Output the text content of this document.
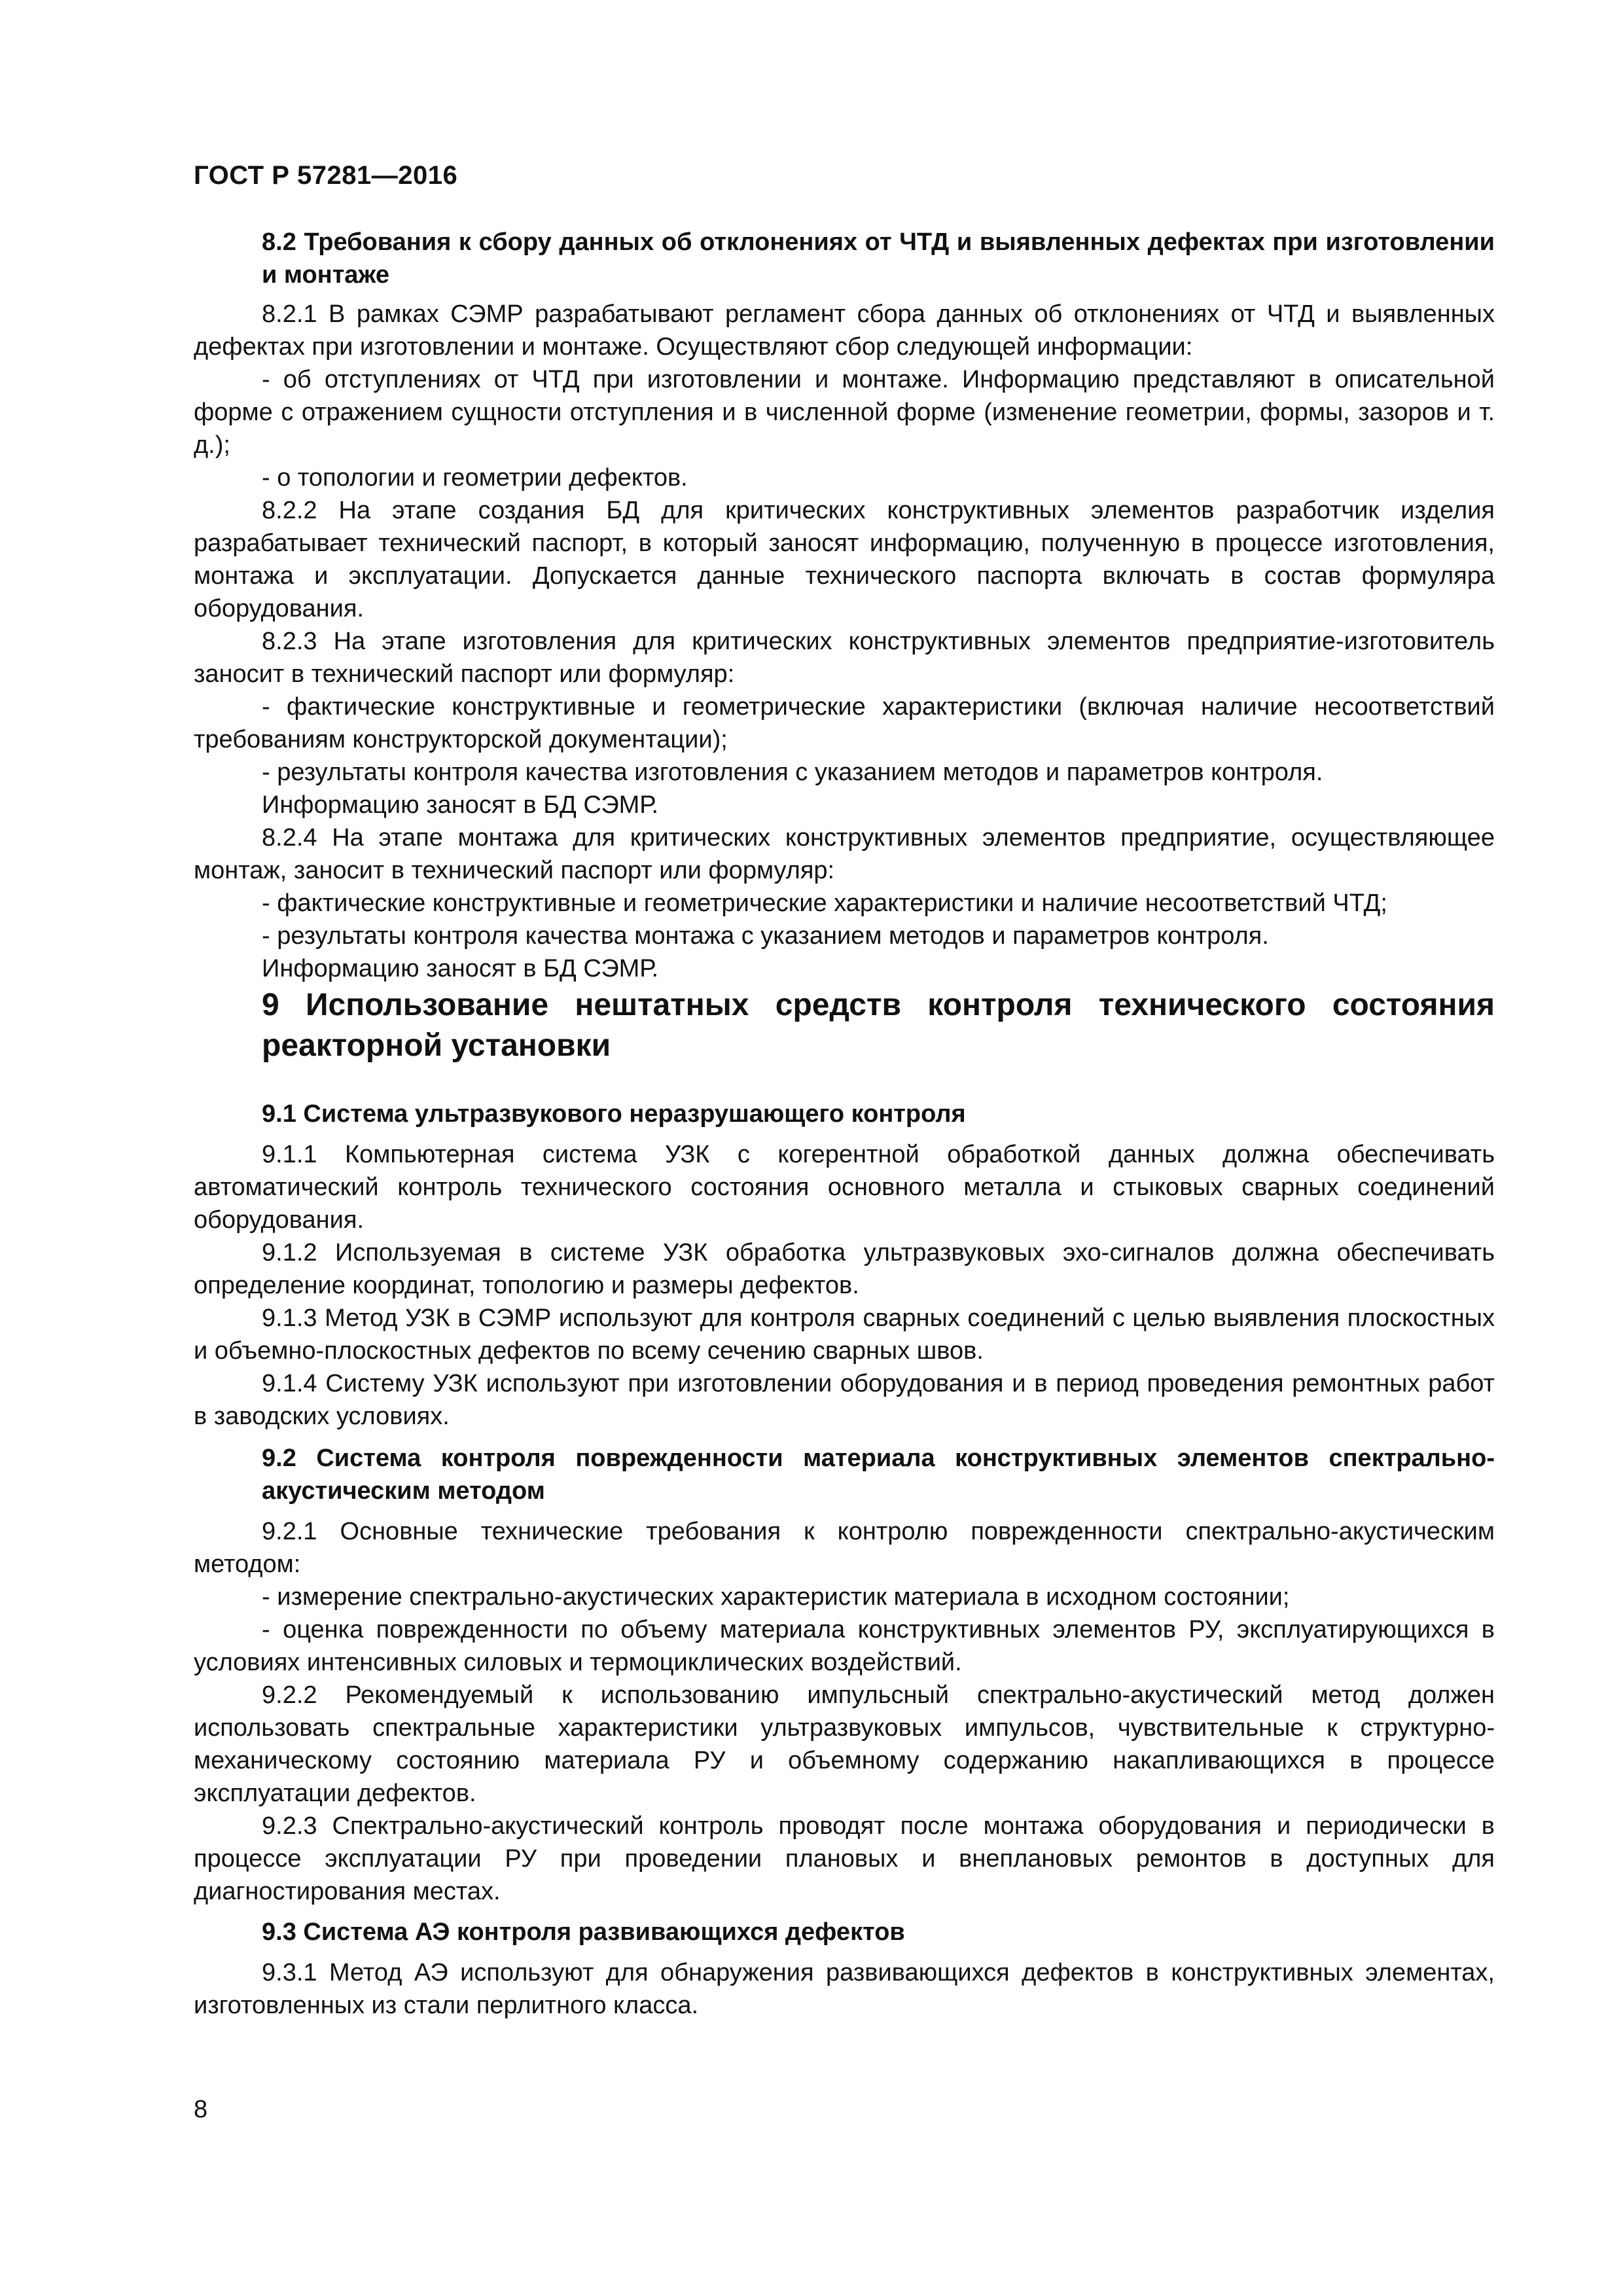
ГОСТ Р 57281—2016

8.2 Требования к сбору данных об отклонениях от ЧТД и выявленных дефектах при изготовлении и монтаже

8.2.1 В рамках СЭМР разрабатывают регламент сбора данных об отклонениях от ЧТД и выявленных дефектах при изготовлении и монтаже. Осуществляют сбор следующей информации:

- об отступлениях от ЧТД при изготовлении и монтаже. Информацию представляют в описательной форме с отражением сущности отступления и в численной форме (изменение геометрии, формы, зазоров и т. д.);

- о топологии и геометрии дефектов.

8.2.2 На этапе создания БД для критических конструктивных элементов разработчик изделия разрабатывает технический паспорт, в который заносят информацию, полученную в процессе изготовления, монтажа и эксплуатации. Допускается данные технического паспорта включать в состав формуляра оборудования.

8.2.3 На этапе изготовления для критических конструктивных элементов предприятие-изготовитель заносит в технический паспорт или формуляр:

- фактические конструктивные и геометрические характеристики (включая наличие несоответствий требованиям конструкторской документации);

- результаты контроля качества изготовления с указанием методов и параметров контроля.

Информацию заносят в БД СЭМР.

8.2.4 На этапе монтажа для критических конструктивных элементов предприятие, осуществляющее монтаж, заносит в технический паспорт или формуляр:

- фактические конструктивные и геометрические характеристики и наличие несоответствий ЧТД;

- результаты контроля качества монтажа с указанием методов и параметров контроля.

Информацию заносят в БД СЭМР.

9 Использование нештатных средств контроля технического состояния реакторной установки

9.1 Система ультразвукового неразрушающего контроля

9.1.1 Компьютерная система УЗК с когерентной обработкой данных должна обеспечивать автоматический контроль технического состояния основного металла и стыковых сварных соединений оборудования.

9.1.2 Используемая в системе УЗК обработка ультразвуковых эхо-сигналов должна обеспечивать определение координат, топологию и размеры дефектов.

9.1.3 Метод УЗК в СЭМР используют для контроля сварных соединений с целью выявления плоскостных и объемно-плоскостных дефектов по всему сечению сварных швов.

9.1.4 Систему УЗК используют при изготовлении оборудования и в период проведения ремонтных работ в заводских условиях.

9.2 Система контроля поврежденности материала конструктивных элементов спектрально-акустическим методом

9.2.1 Основные технические требования к контролю поврежденности спектрально-акустическим методом:

- измерение спектрально-акустических характеристик материала в исходном состоянии;

- оценка поврежденности по объему материала конструктивных элементов РУ, эксплуатирующихся в условиях интенсивных силовых и термоциклических воздействий.

9.2.2 Рекомендуемый к использованию импульсный спектрально-акустический метод должен использовать спектральные характеристики ультразвуковых импульсов, чувствительные к структурно-механическому состоянию материала РУ и объемному содержанию накапливающихся в процессе эксплуатации дефектов.

9.2.3 Спектрально-акустический контроль проводят после монтажа оборудования и периодически в процессе эксплуатации РУ при проведении плановых и внеплановых ремонтов в доступных для диагностирования местах.

9.3 Система АЭ контроля развивающихся дефектов

9.3.1 Метод АЭ используют для обнаружения развивающихся дефектов в конструктивных элементах, изготовленных из стали перлитного класса.

8
